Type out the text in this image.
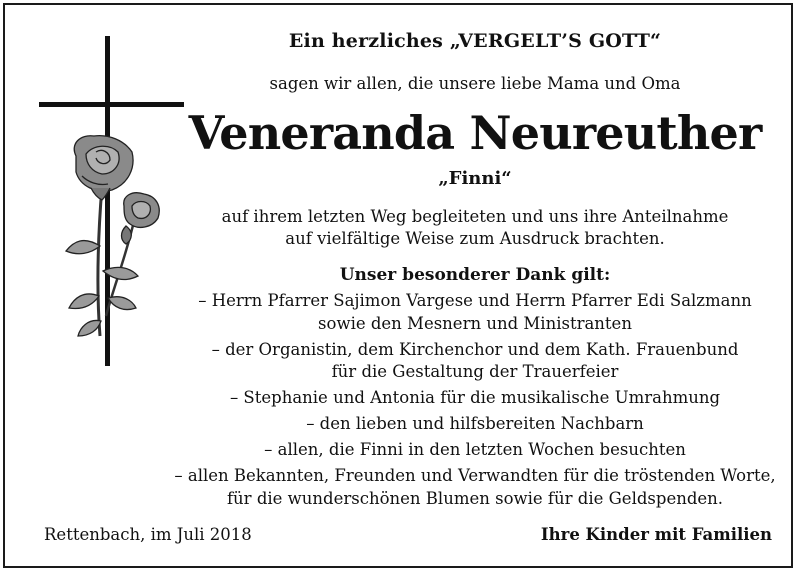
Ein herzliches „VERGELT’S GOTT“
sagen wir allen, die unsere liebe Mama und Oma
Veneranda Neureuther
„Finni“
auf ihrem letzten Weg begleiteten und uns ihre Anteilnahme
auf vielfältige Weise zum Ausdruck brachten.
Unser besonderer Dank gilt:
– Herrn Pfarrer Sajimon Vargese und Herrn Pfarrer Edi Salzmann
sowie den Mesnern und Ministranten
– der Organistin, dem Kirchenchor und dem Kath. Frauenbund
für die Gestaltung der Trauerfeier
– Stephanie und Antonia für die musikalische Umrahmung
– den lieben und hilfsbereiten Nachbarn
– allen, die Finni in den letzten Wochen besuchten
– allen Bekannten, Freunden und Verwandten für die tröstenden Worte,
für die wunderschönen Blumen sowie für die Geldspenden.
Rettenbach, im Juli 2018	Ihre Kinder mit Familien
